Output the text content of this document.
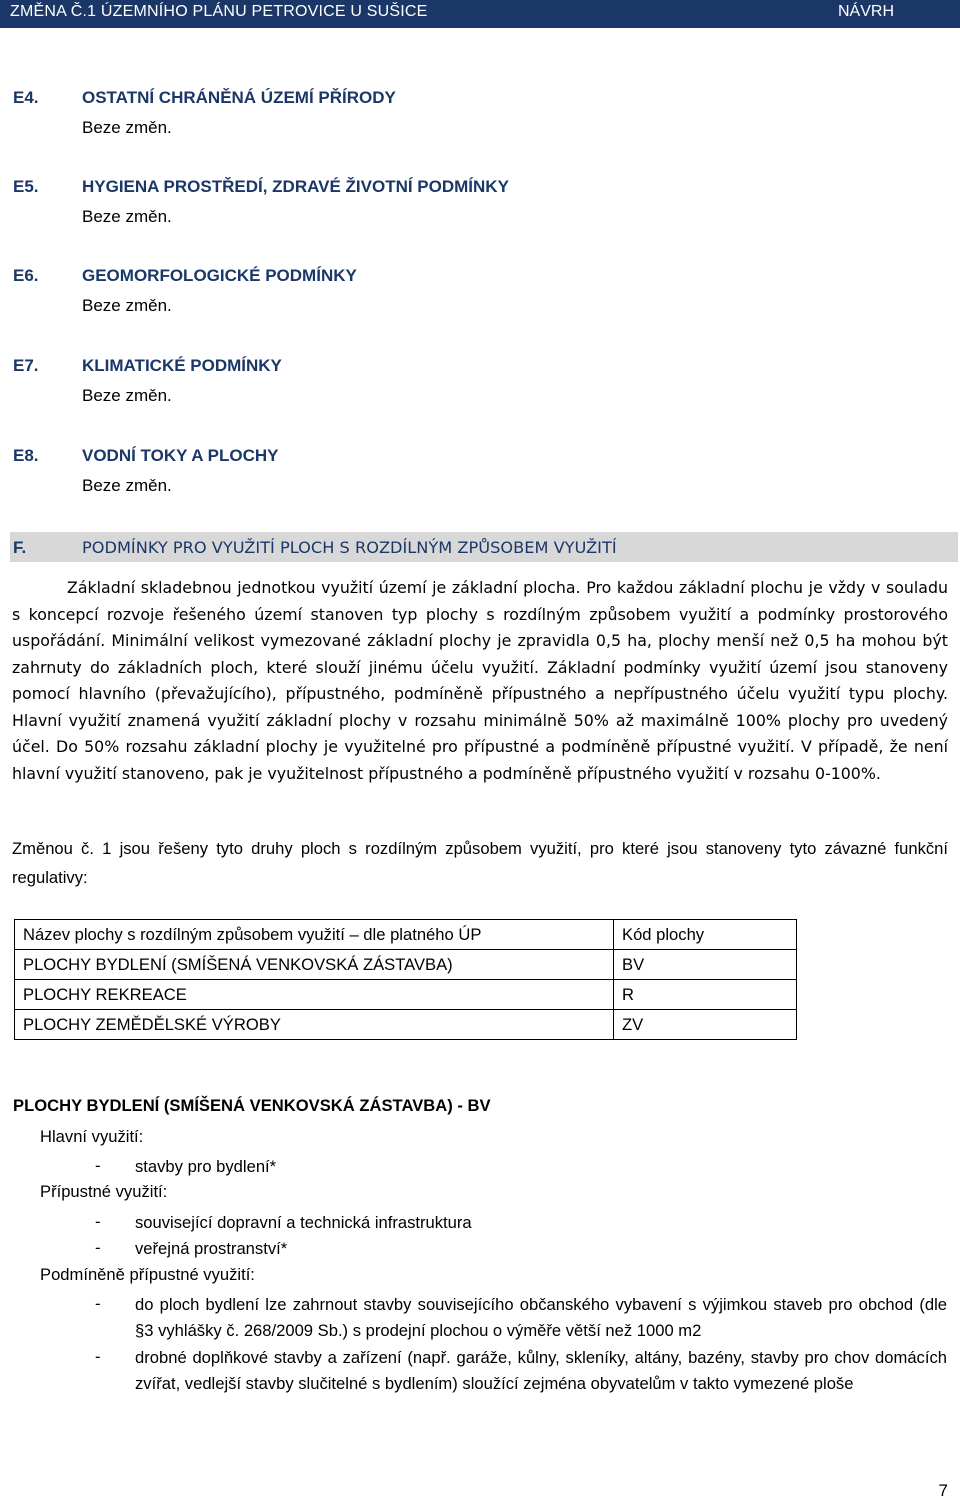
ZMĚNA Č.1 ÚZEMNÍHO PLÁNU PETROVICE U SUŠICE	NÁVRH
E4.	OSTATNÍ CHRÁNĚNÁ ÚZEMÍ PŘÍRODY
Beze změn.
E5.	HYGIENA PROSTŘEDÍ, ZDRAVÉ ŽIVOTNÍ PODMÍNKY
Beze změn.
E6.	GEOMORFOLOGICKÉ PODMÍNKY
Beze změn.
E7.	KLIMATICKÉ PODMÍNKY
Beze změn.
E8.	VODNÍ TOKY A PLOCHY
Beze změn.
F.	PODMÍNKY PRO VYUŽITÍ PLOCH S ROZDÍLNÝM ZPŮSOBEM VYUŽITÍ
Základní skladebnou jednotkou využití území je základní plocha. Pro každou základní plochu je vždy v souladu s koncepcí rozvoje řešeného území stanoven typ plochy s rozdílným způsobem využití a podmínky prostorového uspořádání. Minimální velikost vymezované základní plochy je zpravidla 0,5 ha, plochy menší než 0,5 ha mohou být zahrnuty do základních ploch, které slouží jinému účelu využití. Základní podmínky využití území jsou stanoveny pomocí hlavního (převažujícího), přípustného, podmíněně přípustného a nepřípustného účelu využití typu plochy. Hlavní využití znamená využití základní plochy v rozsahu minimálně 50% až maximálně 100% plochy pro uvedený účel. Do 50% rozsahu základní plochy je využitelné pro přípustné a podmíněně přípustné využití. V případě, že není hlavní využití stanoveno, pak je využitelnost přípustného a podmíněně přípustného využití v rozsahu 0-100%.
Změnou č. 1 jsou řešeny tyto druhy ploch s rozdílným způsobem využití, pro které jsou stanoveny tyto závazné funkční regulativy:
Název plochy s rozdílným způsobem využití – dle platného ÚP	Kód plochy
PLOCHY BYDLENÍ (SMÍŠENÁ VENKOVSKÁ ZÁSTAVBA)	BV
PLOCHY REKREACE	R
PLOCHY ZEMĚDĚLSKÉ VÝROBY	ZV
PLOCHY BYDLENÍ (SMÍŠENÁ VENKOVSKÁ ZÁSTAVBA) - BV
Hlavní využití:
- stavby pro bydlení*
Přípustné využití:
- související dopravní a technická infrastruktura
- veřejná prostranství*
Podmíněně přípustné využití:
- do ploch bydlení lze zahrnout stavby souvisejícího občanského vybavení s výjimkou staveb pro obchod (dle §3 vyhlášky č. 268/2009 Sb.) s prodejní plochou o výměře větší než 1000 m2
- drobné doplňkové stavby a zařízení (např. garáže, kůlny, skleníky, altány, bazény, stavby pro chov domácích zvířat, vedlejší stavby slučitelné s bydlením) sloužící zejména obyvatelům v takto vymezené ploše
7
